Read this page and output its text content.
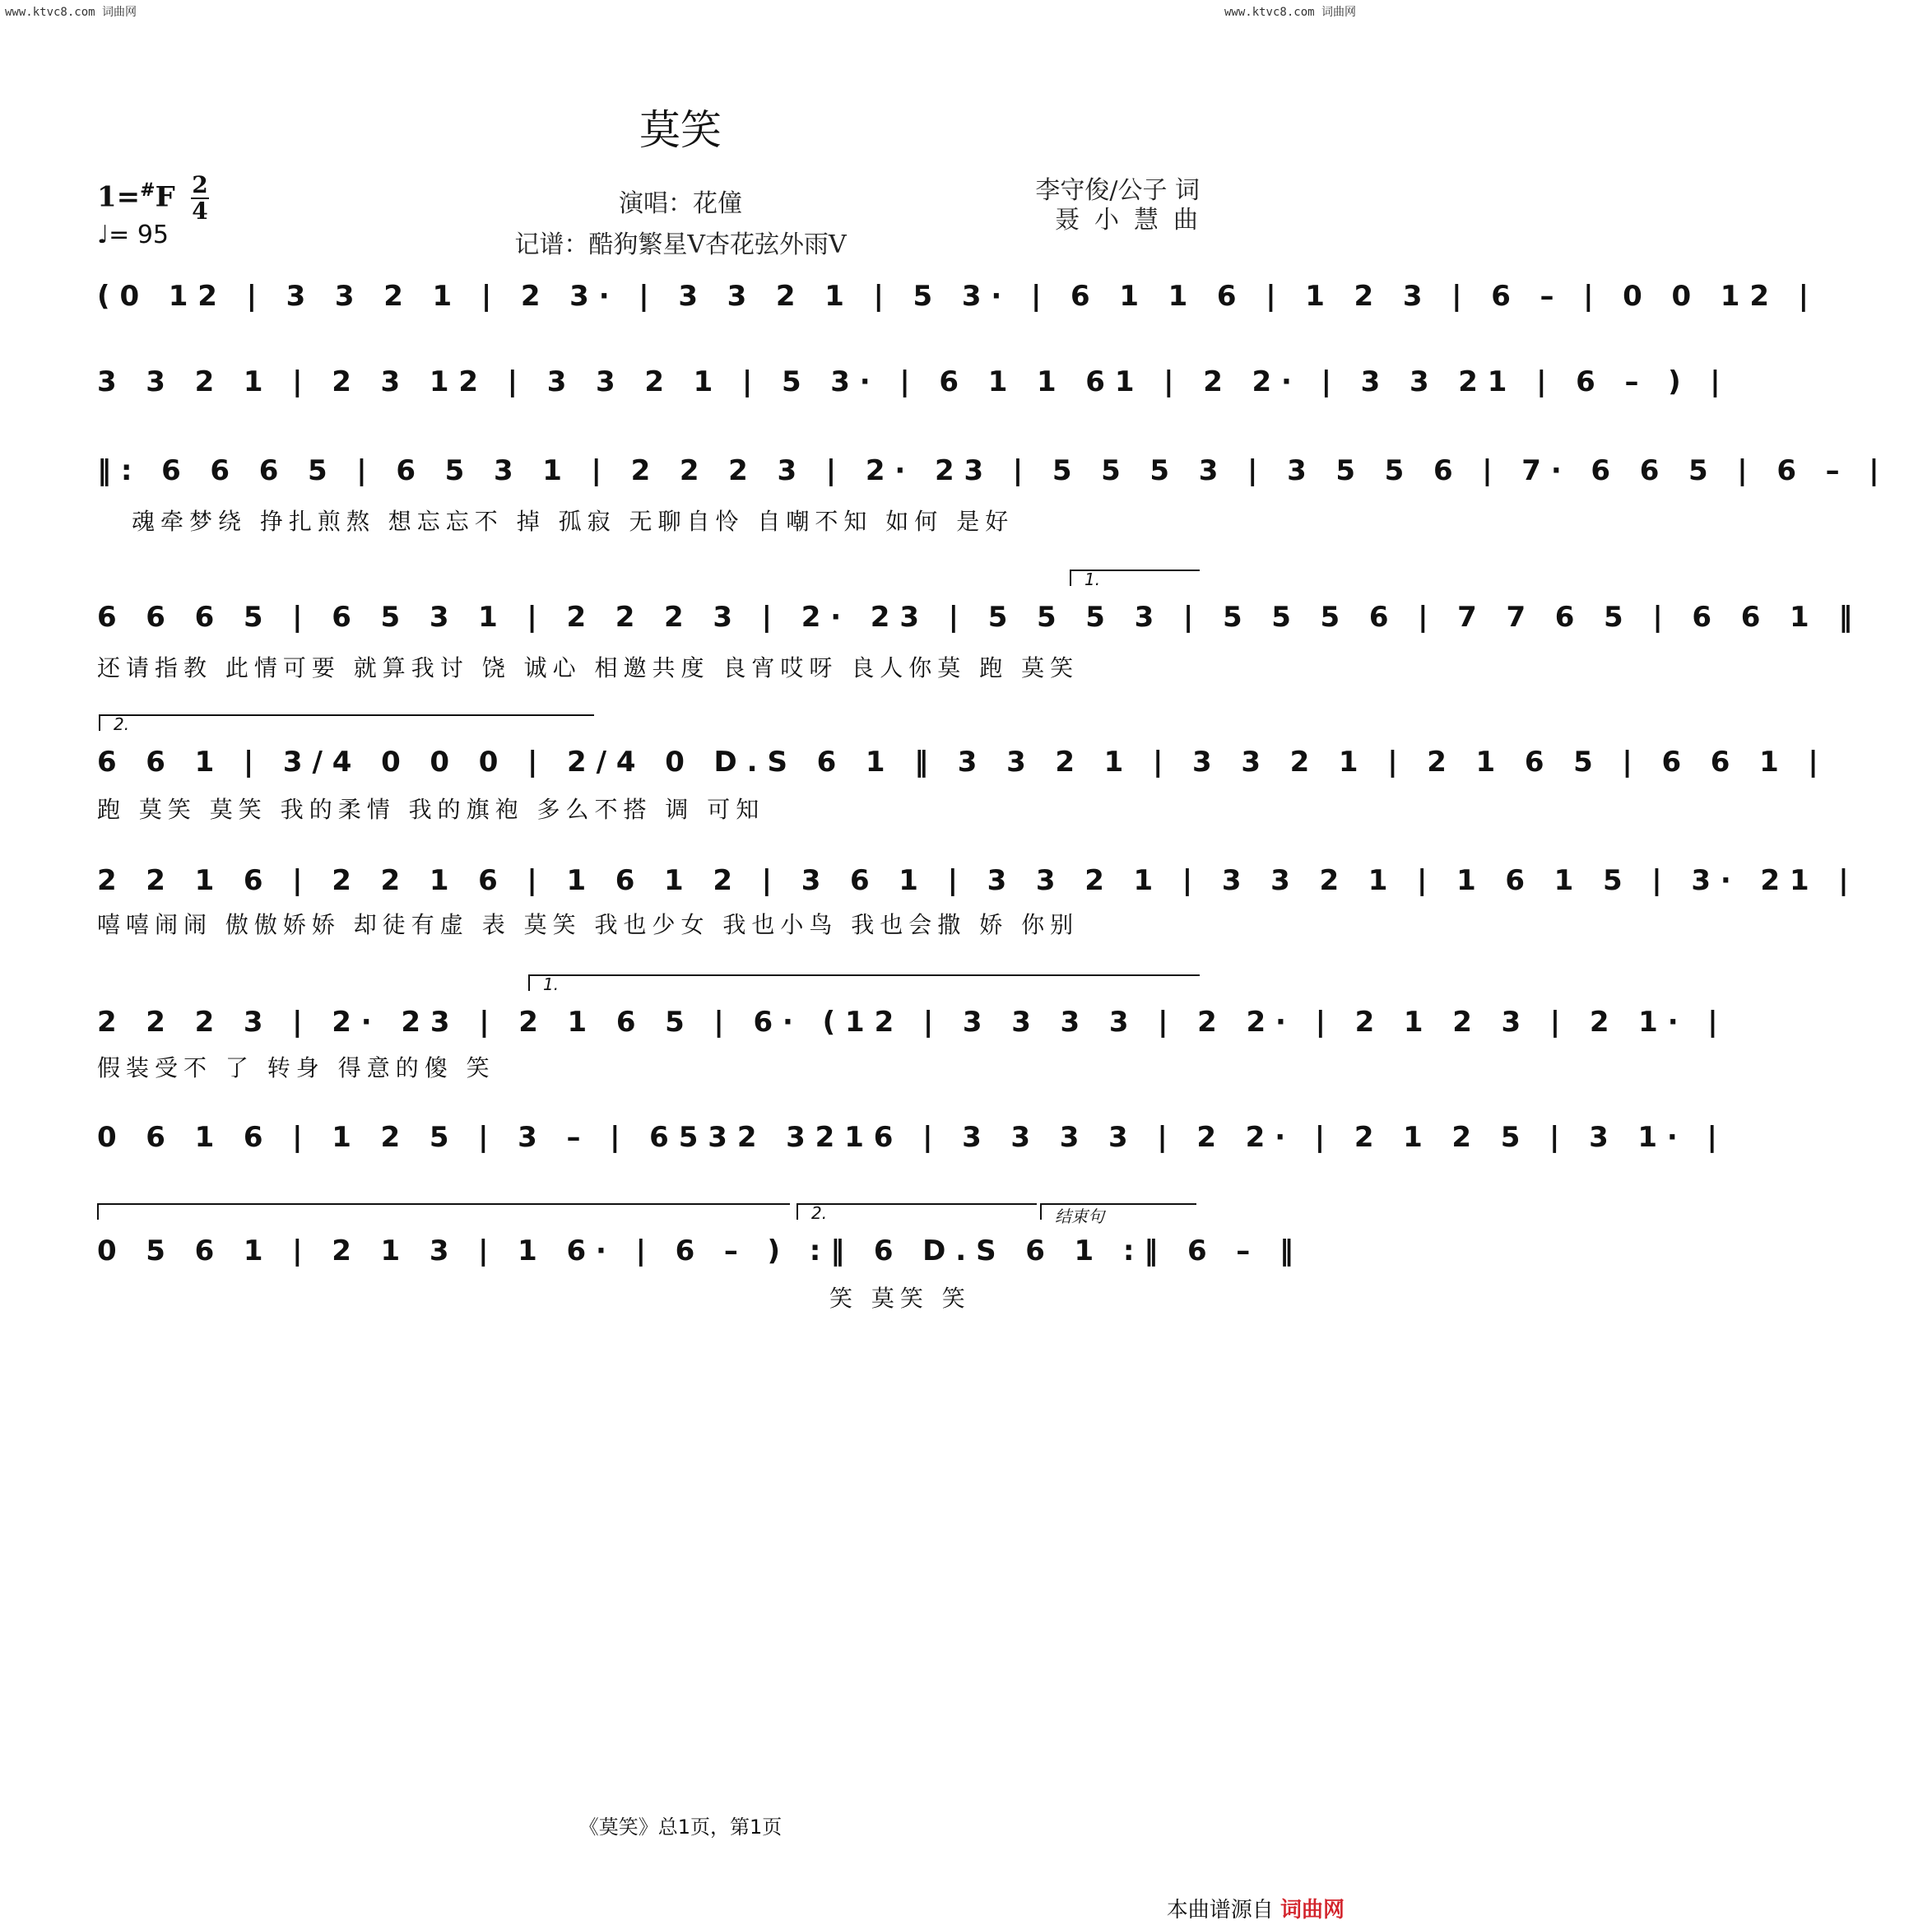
www.ktvc8.com 词曲网	www.ktvc8.com 词曲网
莫笑
1=#F 2
4
♩= 95
演唱：花僮
记谱：酷狗繁星V杏花弦外雨V
李守俊/公子 词
聂小慧曲
(0 12 | 3 3 2 1 | 2 3· | 3 3 2 1 | 5 3· | 6 1 1 6 | 1 2 3 | 6 – | 0 0 12 |
3 3 2 1 | 2 3 12 | 3 3 2 1 | 5 3· | 6 1 1 61 | 2 2· | 3 3 21 | 6 – ) |
‖: 6 6 6 5 | 6 5 3 1 | 2 2 2 3 | 2· 23 | 5 5 5 3 | 3 5 5 6 | 7· 6 6 5 | 6 – |
魂牵梦绕 挣扎煎熬 想忘忘不 掉 孤寂 无聊自怜 自嘲不知 如何 是好
1.
6 6 6 5 | 6 5 3 1 | 2 2 2 3 | 2· 23 | 5 5 5 3 | 5 5 5 6 | 7 7 6 5 | 6 6 1 ‖
还请指教 此情可要 就算我讨 饶 诚心 相邀共度 良宵哎呀 良人你莫 跑 莫笑
2.
6 6 1 | 3/4 0 0 0 | 2/4 0 D.S 6 1 ‖ 3 3 2 1 | 3 3 2 1 | 2 1 6 5 | 6 6 1 |
跑 莫笑 莫笑 我的柔情 我的旗袍 多么不搭 调 可知
2 2 1 6 | 2 2 1 6 | 1 6 1 2 | 3 6 1 | 3 3 2 1 | 3 3 2 1 | 1 6 1 5 | 3· 21 |
嘻嘻闹闹 傲傲娇娇 却徒有虚 表 莫笑 我也少女 我也小鸟 我也会撒 娇 你别
1.
2 2 2 3 | 2· 23 | 2 1 6 5 | 6· (12 | 3 3 3 3 | 2 2· | 2 1 2 3 | 2 1· |
假装受不 了 转身 得意的傻 笑
0 6 1 6 | 1 2 5 | 3 – | 6532 3216 | 3 3 3 3 | 2 2· | 2 1 2 5 | 3 1· |
2.	结束句
0 5 6 1 | 2 1 3 | 1 6· | 6 – ) :‖ 6 D.S 6 1 :‖ 6 – ‖
笑 莫笑 笑
《莫笑》总1页，第1页
本曲谱源自 词曲网
